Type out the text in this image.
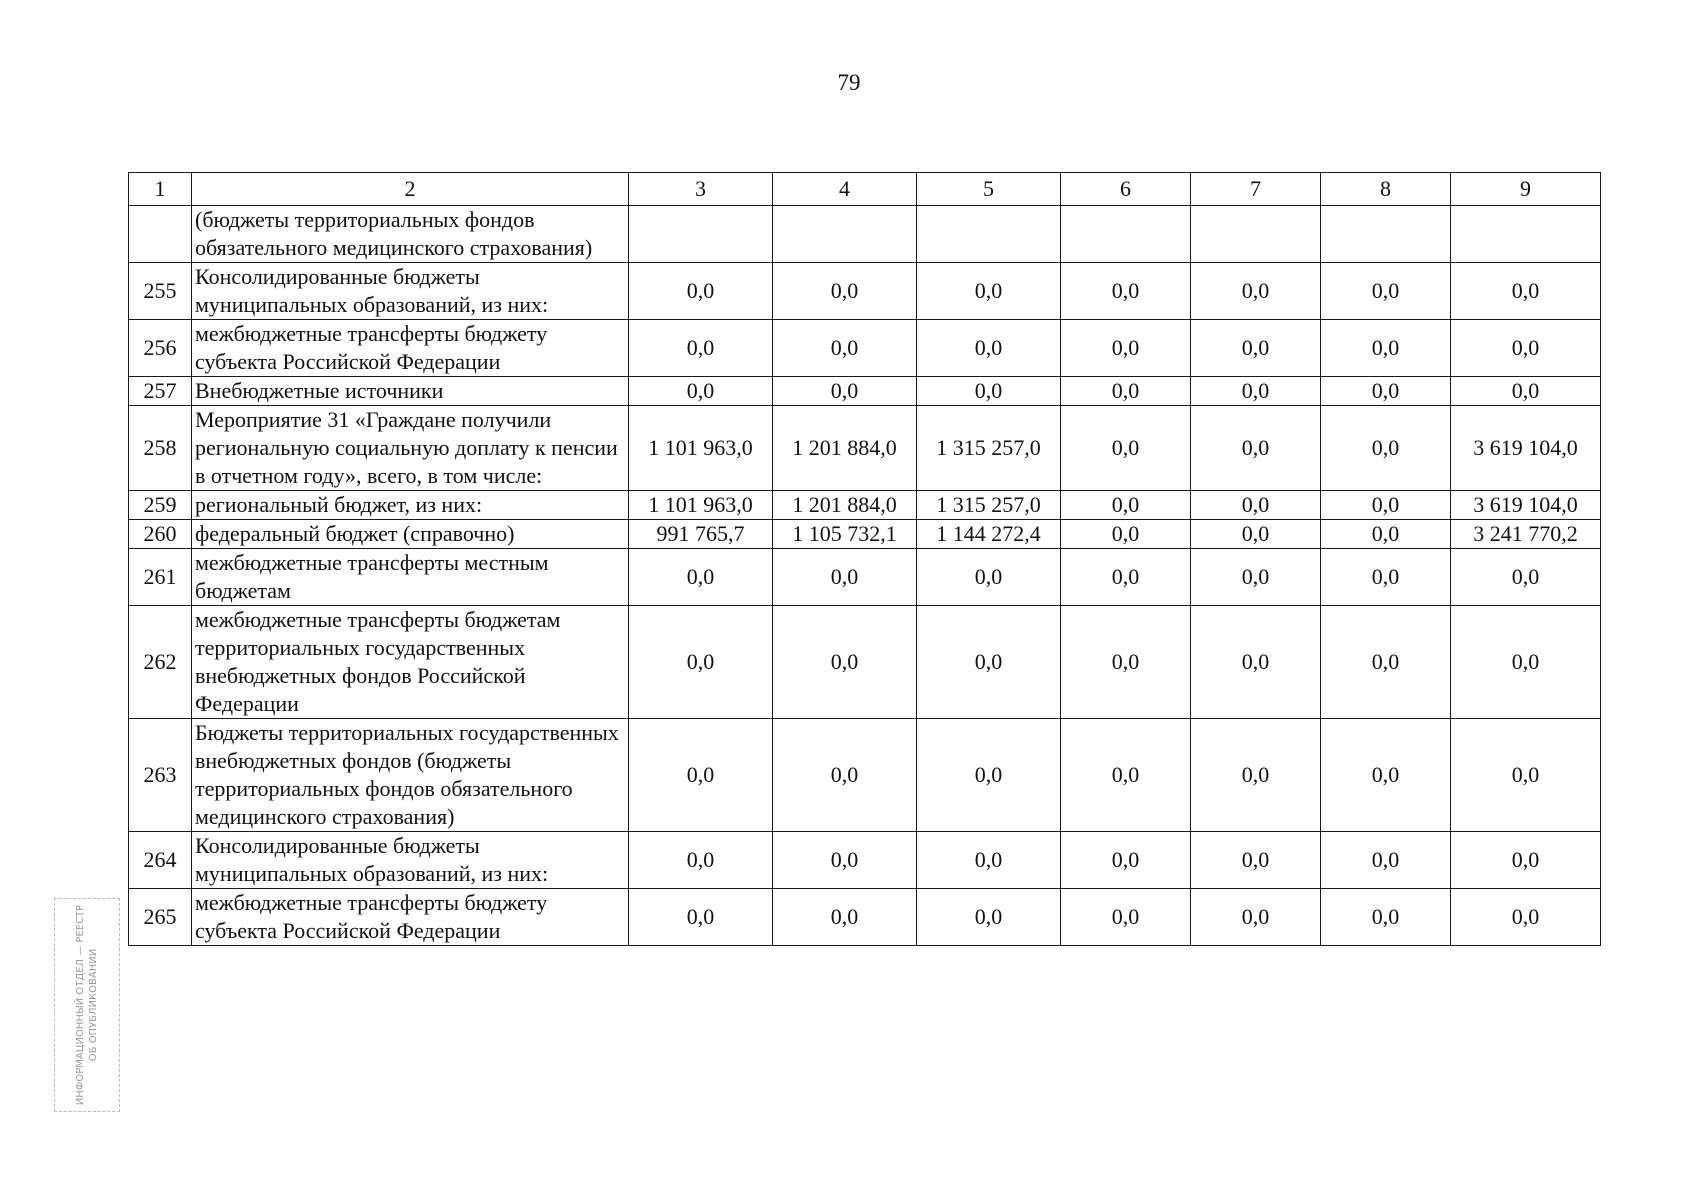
79
1	2	3	4	5	6	7	8	9
	(бюджеты территориальных фондов обязательного медицинского страхования)							
255	Консолидированные бюджеты муниципальных образований, из них:	0,0	0,0	0,0	0,0	0,0	0,0	0,0
256	межбюджетные трансферты бюджету субъекта Российской Федерации	0,0	0,0	0,0	0,0	0,0	0,0	0,0
257	Внебюджетные источники	0,0	0,0	0,0	0,0	0,0	0,0	0,0
258	Мероприятие 31 «Граждане получили региональную социальную доплату к пенсии в отчетном году», всего, в том числе:	1 101 963,0	1 201 884,0	1 315 257,0	0,0	0,0	0,0	3 619 104,0
259	региональный бюджет, из них:	1 101 963,0	1 201 884,0	1 315 257,0	0,0	0,0	0,0	3 619 104,0
260	федеральный бюджет (справочно)	991 765,7	1 105 732,1	1 144 272,4	0,0	0,0	0,0	3 241 770,2
261	межбюджетные трансферты местным бюджетам	0,0	0,0	0,0	0,0	0,0	0,0	0,0
262	межбюджетные трансферты бюджетам территориальных государственных внебюджетных фондов Российской Федерации	0,0	0,0	0,0	0,0	0,0	0,0	0,0
263	Бюджеты территориальных государственных внебюджетных фондов (бюджеты территориальных фондов обязательного медицинского страхования)	0,0	0,0	0,0	0,0	0,0	0,0	0,0
264	Консолидированные бюджеты муниципальных образований, из них:	0,0	0,0	0,0	0,0	0,0	0,0	0,0
265	межбюджетные трансферты бюджету субъекта Российской Федерации	0,0	0,0	0,0	0,0	0,0	0,0	0,0
ИНФОРМАЦИОННЫЙ ОТДЕЛ — РЕЕСТР ОБ ОПУБЛИКОВАНИИ
